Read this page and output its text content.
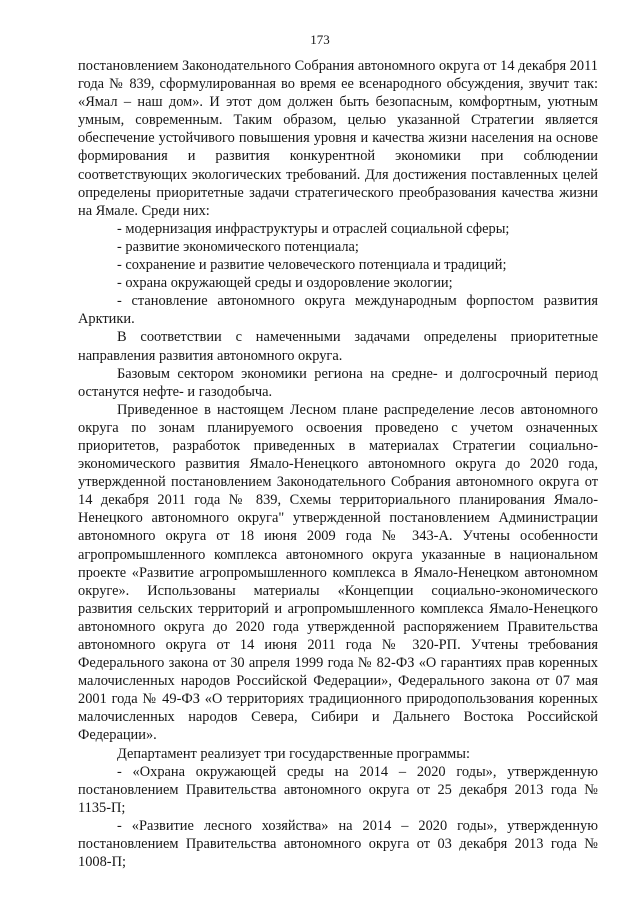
173

постановлением Законодательного Собрания автономного округа от 14 декабря 2011 года № 839, сформулированная во время ее всенародного обсуждения, звучит так: «Ямал – наш дом». И этот дом должен быть безопасным, комфортным, уютным умным, современным. Таким образом, целью указанной Стратегии является обеспечение устойчивого повышения уровня и качества жизни населения на основе формирования и развития конкурентной экономики при соблюдении соответствующих экологических требований. Для достижения поставленных целей определены приоритетные задачи стратегического преобразования качества жизни на Ямале. Среди них:

- модернизация инфраструктуры и отраслей социальной сферы;

- развитие экономического потенциала;

- сохранение и развитие человеческого потенциала и традиций;

- охрана окружающей среды и оздоровление экологии;

- становление автономного округа международным форпостом развития Арктики.

В соответствии с намеченными задачами определены приоритетные направления развития автономного округа.

Базовым сектором экономики региона на средне- и долгосрочный период останутся нефте- и газодобыча.

Приведенное в настоящем Лесном плане распределение лесов автономного округа по зонам планируемого освоения проведено с учетом означенных приоритетов, разработок приведенных в материалах Стратегии социально-экономического развития Ямало-Ненецкого автономного округа до 2020 года, утвержденной постановлением Законодательного Собрания автономного округа от 14 декабря 2011 года № 839, Схемы территориального планирования Ямало-Ненецкого автономного округа" утвержденной постановлением Администрации автономного округа от 18 июня 2009 года № 343-А. Учтены особенности агропромышленного комплекса автономного округа указанные в национальном проекте «Развитие агропромышленного комплекса в Ямало-Ненецком автономном округе». Использованы материалы «Концепции социально-экономического развития сельских территорий и агропромышленного комплекса Ямало-Ненецкого автономного округа до 2020 года утвержденной распоряжением Правительства автономного округа от 14 июня 2011 года № 320-РП. Учтены требования Федерального закона от 30 апреля 1999 года № 82-ФЗ «О гарантиях прав коренных малочисленных народов Российской Федерации», Федерального закона от 07 мая 2001 года № 49-ФЗ «О территориях традиционного природопользования коренных малочисленных народов Севера, Сибири и Дальнего Востока Российской Федерации».

Департамент реализует три государственные программы:

- «Охрана окружающей среды на 2014 – 2020 годы», утвержденную постановлением Правительства автономного округа от 25 декабря 2013 года № 1135-П;

- «Развитие лесного хозяйства» на 2014 – 2020 годы», утвержденную постановлением Правительства автономного округа от 03 декабря 2013 года № 1008-П;
